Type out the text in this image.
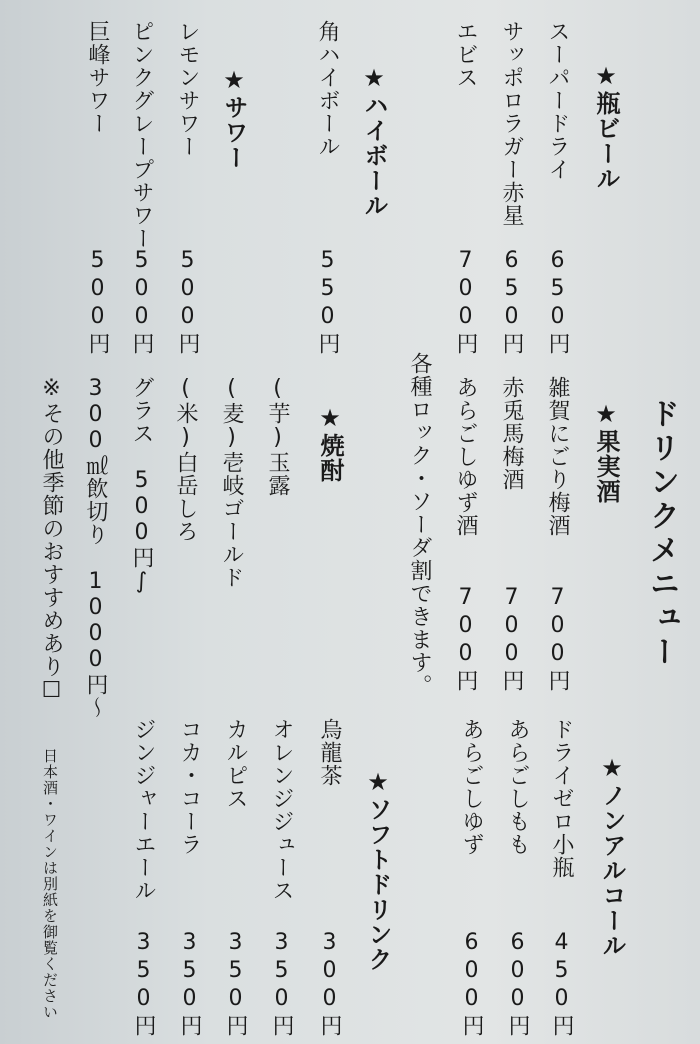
ドリンクメニュー
★瓶ビール
スーパードライ
650円
サッポロラガー赤星
650円
エビス
700円
★ハイボール
角ハイボール
550円
★サワー
レモンサワー
500円
ピンクグレープサワー
500円
巨峰サワー
500円
★果実酒
雑賀にごり梅酒
700円
赤兎馬梅酒
700円
あらごしゆず酒
700円
各種ロック・ソーダ割できます。
★焼酎
(芋)玉露
(麦)壱岐ゴールド
(米)白岳しろ
グラス　500円∫
300㎖飲切り　1000円～
※その他季節のおすすめあり☐
★ノンアルコール
ドライゼロ小瓶
450円
あらごしもも
600円
あらごしゆず
600円
★ソフトドリンク
烏龍茶
300円
オレンジジュース
350円
カルピス
350円
コカ・コーラ
350円
ジンジャーエール
350円
日本酒・ワインは別紙を御覧ください
